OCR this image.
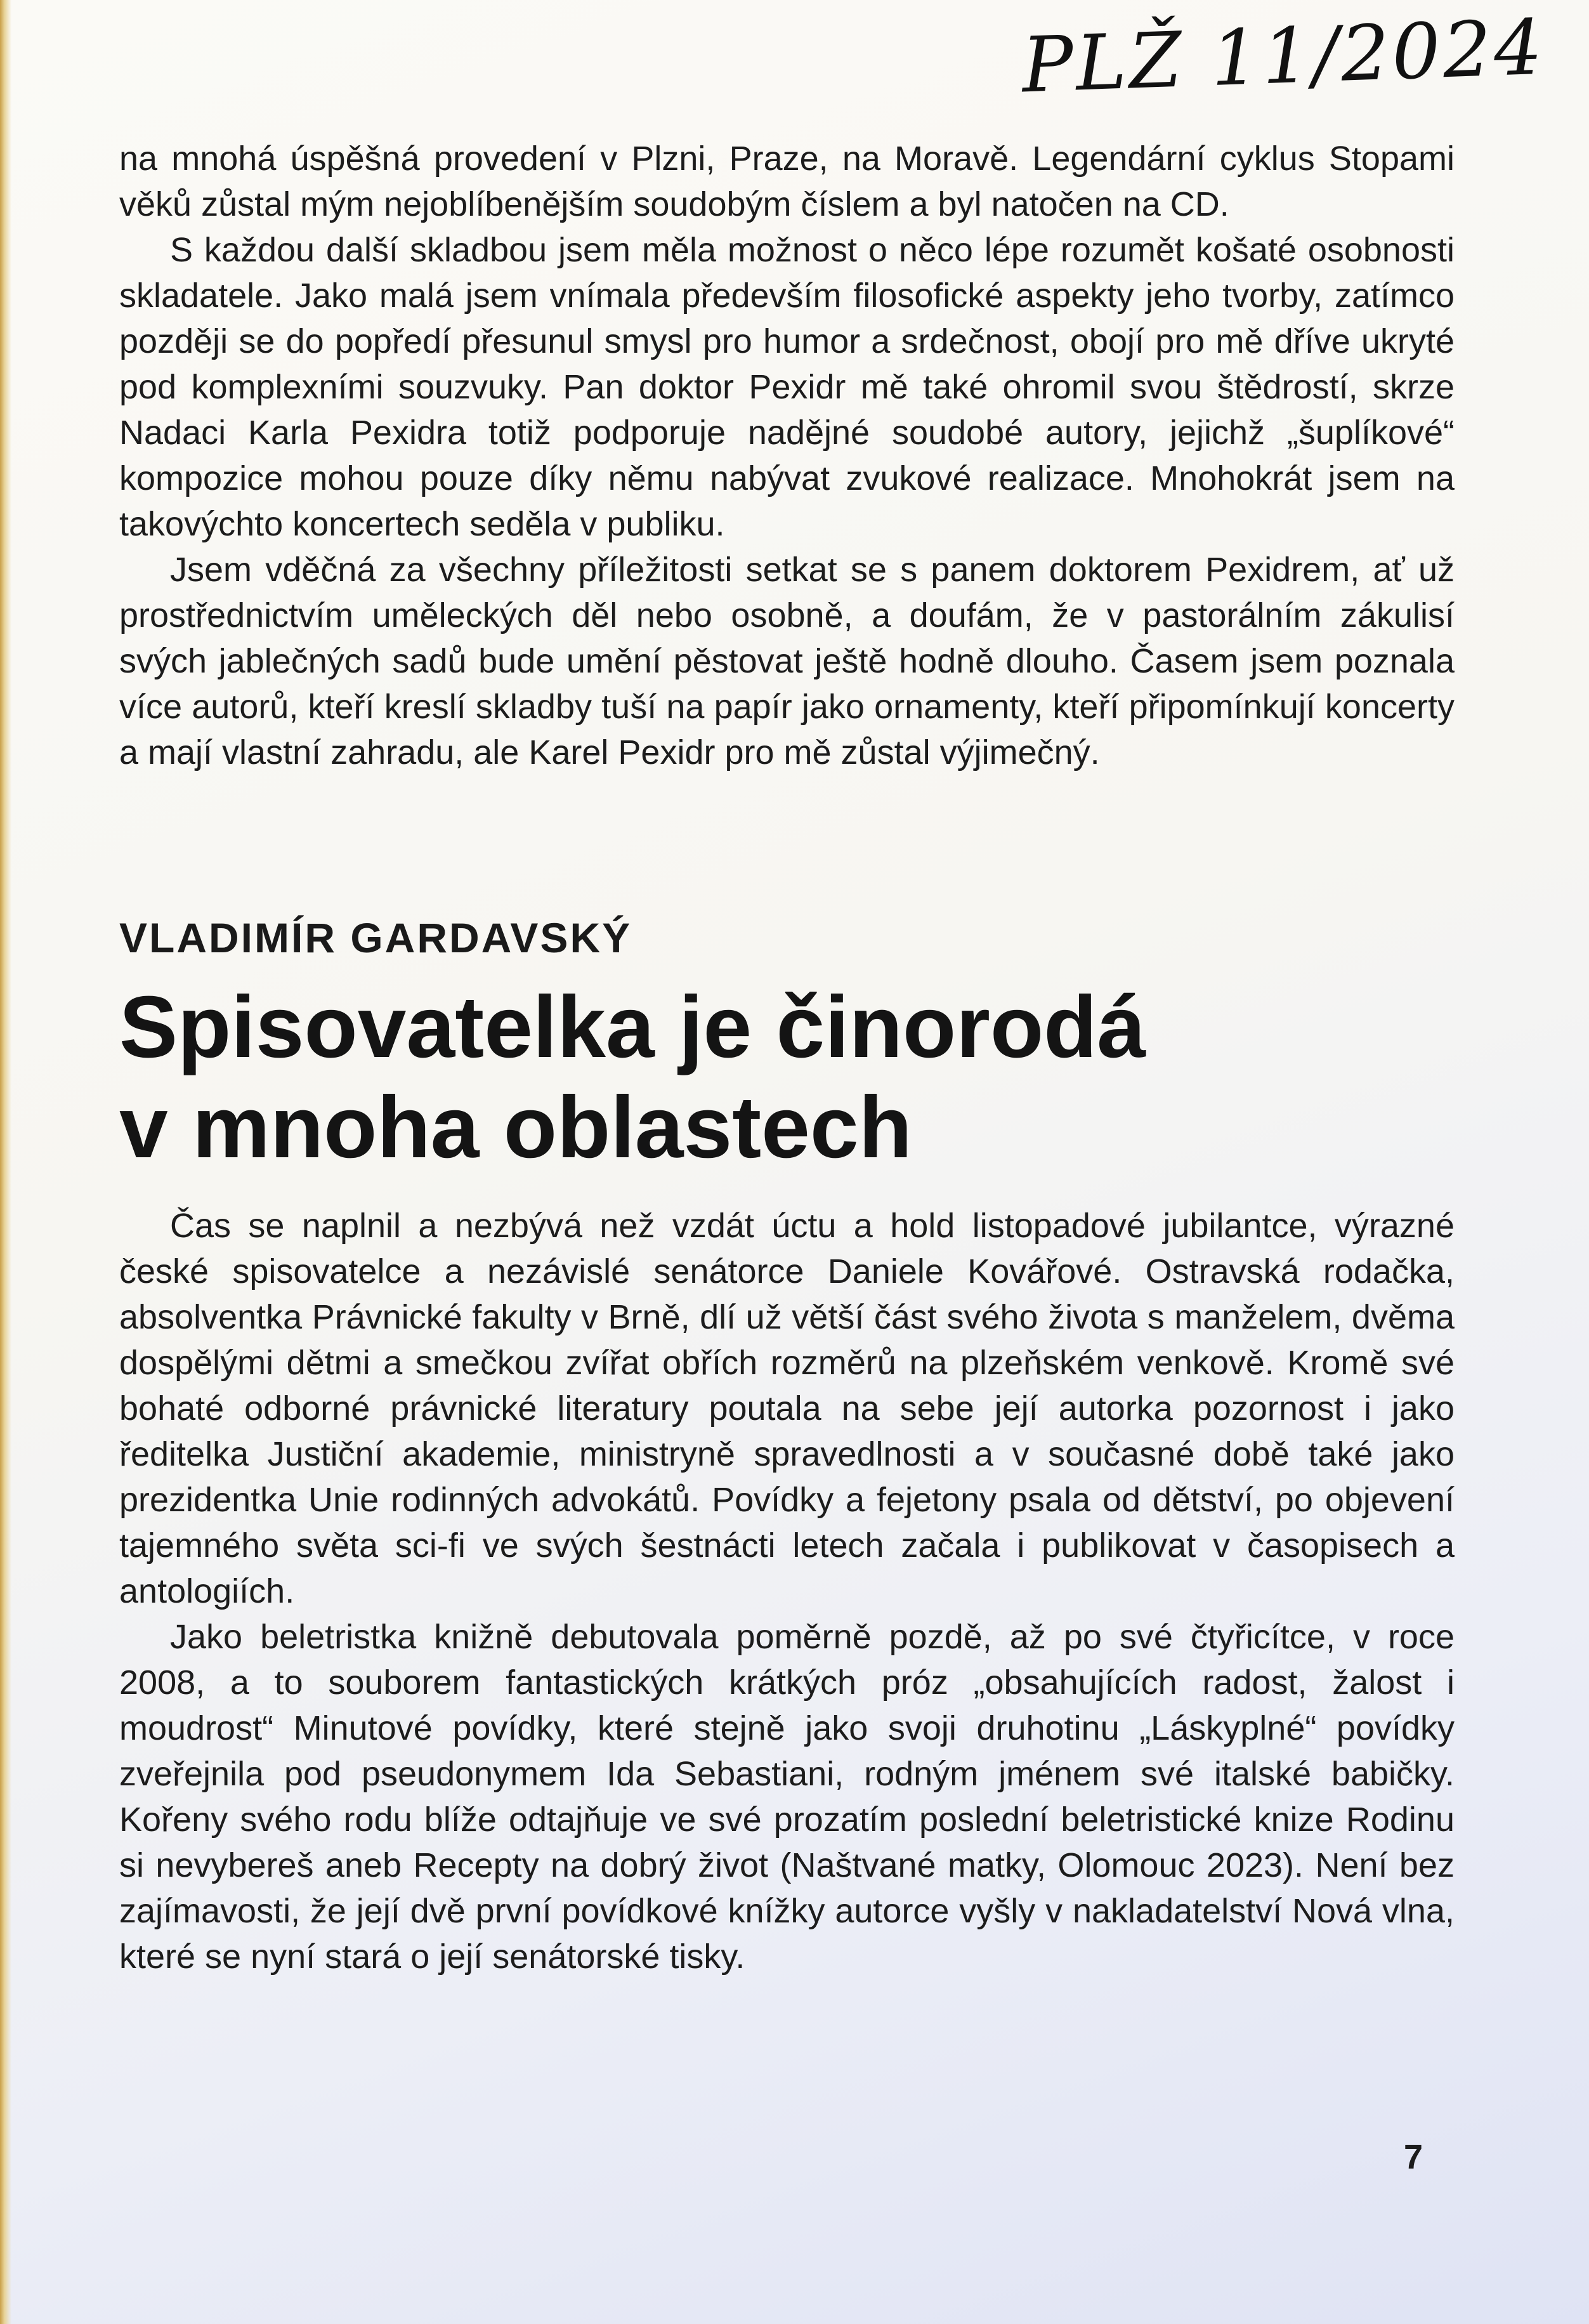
PLŽ 11/2024

na mnohá úspěšná provedení v Plzni, Praze, na Moravě. Legendární cyklus Stopami věků zůstal mým nejoblíbenějším soudobým číslem a byl natočen na CD.

S každou další skladbou jsem měla možnost o něco lépe rozumět košaté osobnosti skladatele. Jako malá jsem vnímala především filosofické aspekty jeho tvorby, zatímco později se do popředí přesunul smysl pro humor a srdečnost, obojí pro mě dříve ukryté pod komplexními souzvuky. Pan doktor Pexidr mě také ohromil svou štědrostí, skrze Nadaci Karla Pexidra totiž podporuje nadějné soudobé autory, jejichž „šuplíkové“ kompozice mohou pouze díky němu nabývat zvukové realizace. Mnohokrát jsem na takovýchto koncertech seděla v publiku.

Jsem vděčná za všechny příležitosti setkat se s panem doktorem Pexidrem, ať už prostřednictvím uměleckých děl nebo osobně, a doufám, že v pastorálním zákulisí svých jablečných sadů bude umění pěstovat ještě hodně dlouho. Časem jsem poznala více autorů, kteří kreslí skladby tuší na papír jako ornamenty, kteří připomínkují koncerty a mají vlastní zahradu, ale Karel Pexidr pro mě zůstal výjimečný.

VLADIMÍR GARDAVSKÝ
Spisovatelka je činorodá
v mnoha oblastech

Čas se naplnil a nezbývá než vzdát úctu a hold listopadové jubilantce, výrazné české spisovatelce a nezávislé senátorce Daniele Kovářové. Ostravská rodačka, absolventka Právnické fakulty v Brně, dlí už větší část svého života s manželem, dvěma dospělými dětmi a smečkou zvířat obřích rozměrů na plzeňském venkově. Kromě své bohaté odborné právnické literatury poutala na sebe její autorka pozornost i jako ředitelka Justiční akademie, ministryně spravedlnosti a v současné době také jako prezidentka Unie rodinných advokátů. Povídky a fejetony psala od dětství, po objevení tajemného světa sci-fi ve svých šestnácti letech začala i publikovat v časopisech a antologiích.

Jako beletristka knižně debutovala poměrně pozdě, až po své čtyřicítce, v roce 2008, a to souborem fantastických krátkých próz „obsahujících radost, žalost i moudrost“ Minutové povídky, které stejně jako svoji druhotinu „Láskyplné“ povídky zveřejnila pod pseudonymem Ida Sebastiani, rodným jménem své italské babičky. Kořeny svého rodu blíže odtajňuje ve své prozatím poslední beletristické knize Rodinu si nevybereš aneb Recepty na dobrý život (Naštvané matky, Olomouc 2023). Není bez zajímavosti, že její dvě první povídkové knížky autorce vyšly v nakladatelství Nová vlna, které se nyní stará o její senátorské tisky.

7
